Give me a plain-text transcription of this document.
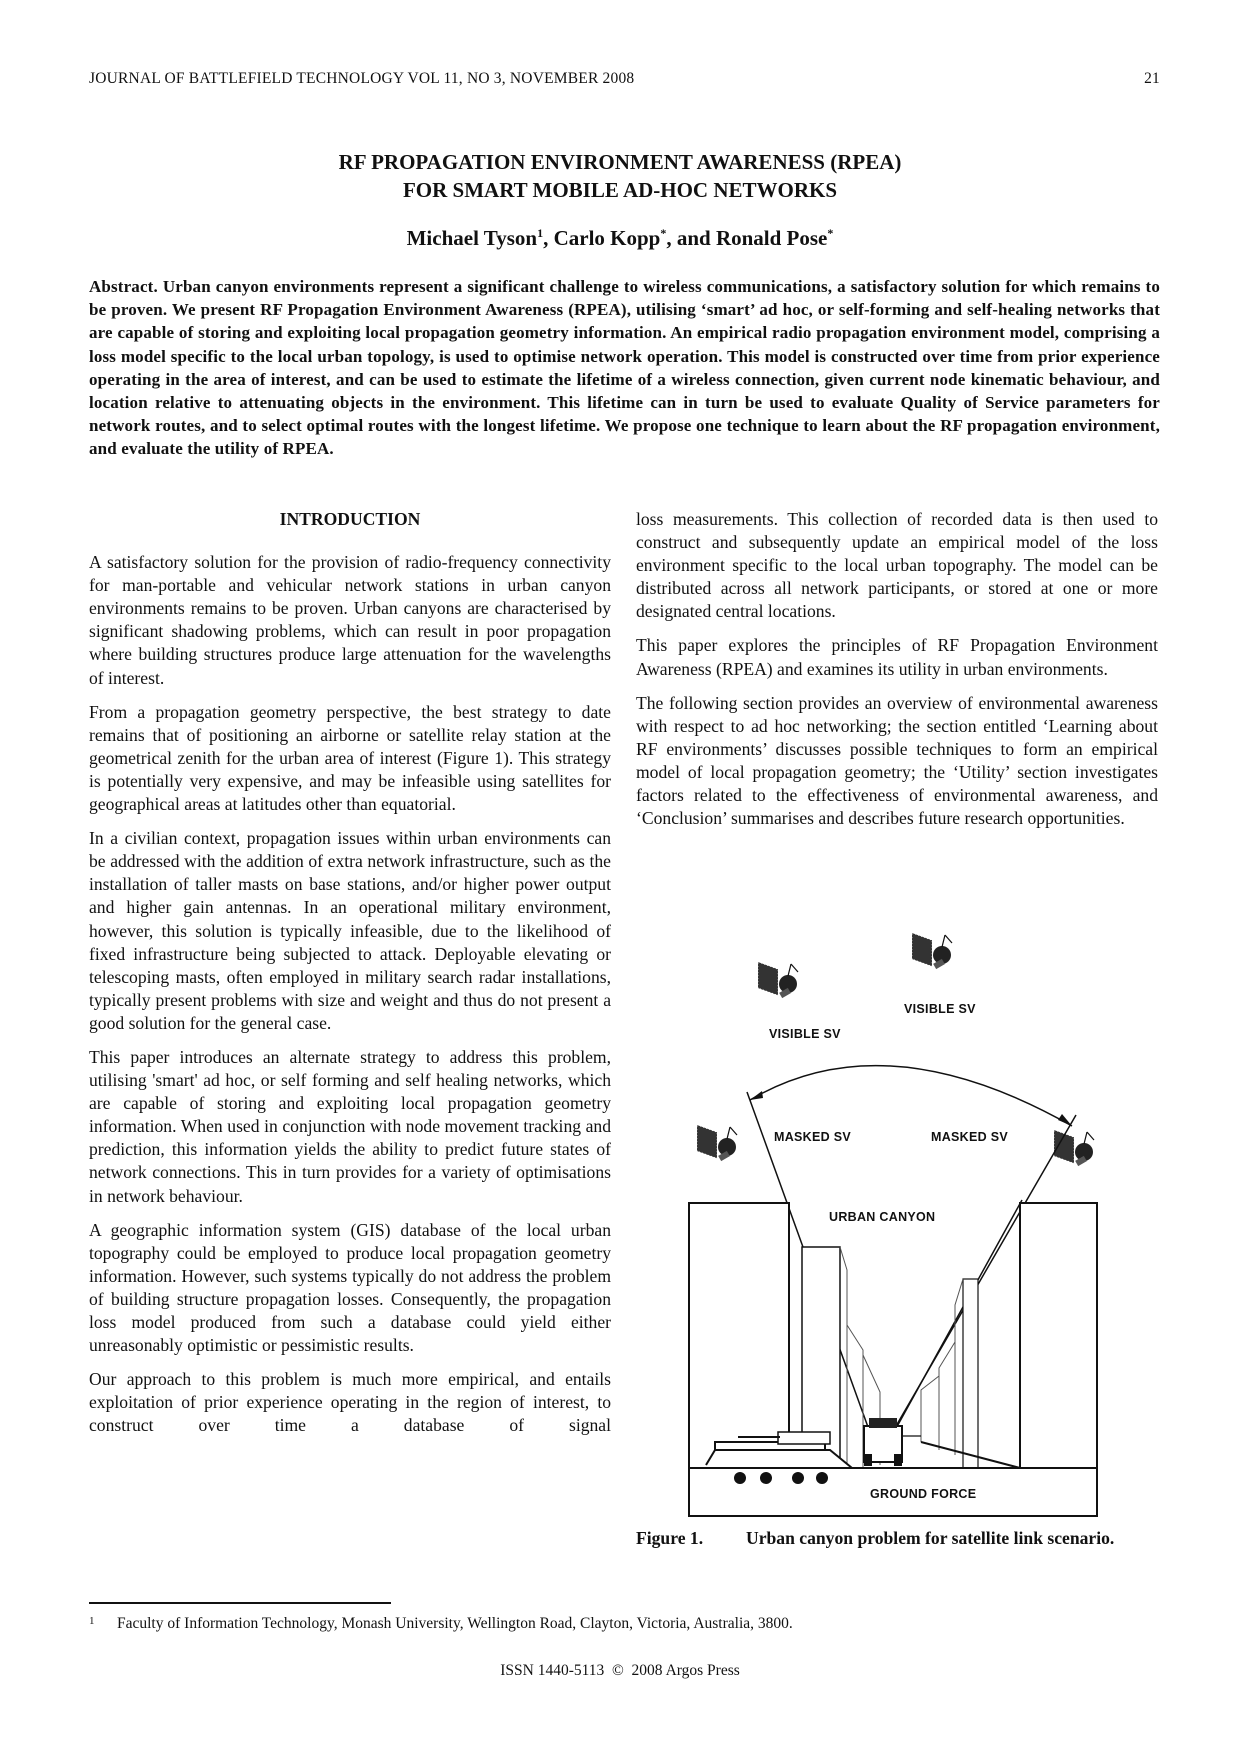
JOURNAL OF BATTLEFIELD TECHNOLOGY VOL 11, NO 3, NOVEMBER 2008	21
RF PROPAGATION ENVIRONMENT AWARENESS (RPEA)
FOR SMART MOBILE AD-HOC NETWORKS
Michael Tyson$^1$, Carlo Kopp*, and Ronald Pose*
Abstract. Urban canyon environments represent a significant challenge to wireless communications, a satisfactory solution for which remains to be proven. We present RF Propagation Environment Awareness (RPEA), utilising ‘smart’ ad hoc, or self-forming and self-healing networks that are capable of storing and exploiting local propagation geometry information. An empirical radio propagation environment model, comprising a loss model specific to the local urban topology, is used to optimise network operation. This model is constructed over time from prior experience operating in the area of interest, and can be used to estimate the lifetime of a wireless connection, given current node kinematic behaviour, and location relative to attenuating objects in the environment. This lifetime can in turn be used to evaluate Quality of Service parameters for network routes, and to select optimal routes with the longest lifetime. We propose one technique to learn about the RF propagation environment, and evaluate the utility of RPEA.
INTRODUCTION

A satisfactory solution for the provision of radio-frequency connectivity for man-portable and vehicular network stations in urban canyon environments remains to be proven. Urban canyons are characterised by significant shadowing problems, which can result in poor propagation where building structures produce large attenuation for the wavelengths of interest.

From a propagation geometry perspective, the best strategy to date remains that of positioning an airborne or satellite relay station at the geometrical zenith for the urban area of interest (Figure 1). This strategy is potentially very expensive, and may be infeasible using satellites for geographical areas at latitudes other than equatorial.

In a civilian context, propagation issues within urban environments can be addressed with the addition of extra network infrastructure, such as the installation of taller masts on base stations, and/or higher power output and higher gain antennas. In an operational military environment, however, this solution is typically infeasible, due to the likelihood of fixed infrastructure being subjected to attack. Deployable elevating or telescoping masts, often employed in military search radar installations, typically present problems with size and weight and thus do not present a good solution for the general case.

This paper introduces an alternate strategy to address this problem, utilising 'smart' ad hoc, or self forming and self healing networks, which are capable of storing and exploiting local propagation geometry information. When used in conjunction with node movement tracking and prediction, this information yields the ability to predict future states of network connections. This in turn provides for a variety of optimisations in network behaviour.

A geographic information system (GIS) database of the local urban topography could be employed to produce local propagation geometry information. However, such systems typically do not address the problem of building structure propagation losses. Consequently, the propagation loss model produced from such a database could yield either unreasonably optimistic or pessimistic results.

Our approach to this problem is much more empirical, and entails exploitation of prior experience operating in the region of interest, to construct over time a database of signal

loss measurements. This collection of recorded data is then used to construct and subsequently update an empirical model of the loss environment specific to the local urban topography. The model can be distributed across all network participants, or stored at one or more designated central locations.

This paper explores the principles of RF Propagation Environment Awareness (RPEA) and examines its utility in urban environments.

The following section provides an overview of environmental awareness with respect to ad hoc networking; the section entitled ‘Learning about RF environments’ discusses possible techniques to form an empirical model of local propagation geometry; the ‘Utility’ section investigates factors related to the effectiveness of environmental awareness, and ‘Conclusion’ summarises and describes future research opportunities.

VISIBLE SV
VISIBLE SV
MASKED SV	MASKED SV
URBAN CANYON
GROUND FORCE
Figure 1.	Urban canyon problem for satellite link scenario.
1	Faculty of Information Technology, Monash University, Wellington Road, Clayton, Victoria, Australia, 3800.
ISSN 1440-5113  ©  2008 Argos Press
